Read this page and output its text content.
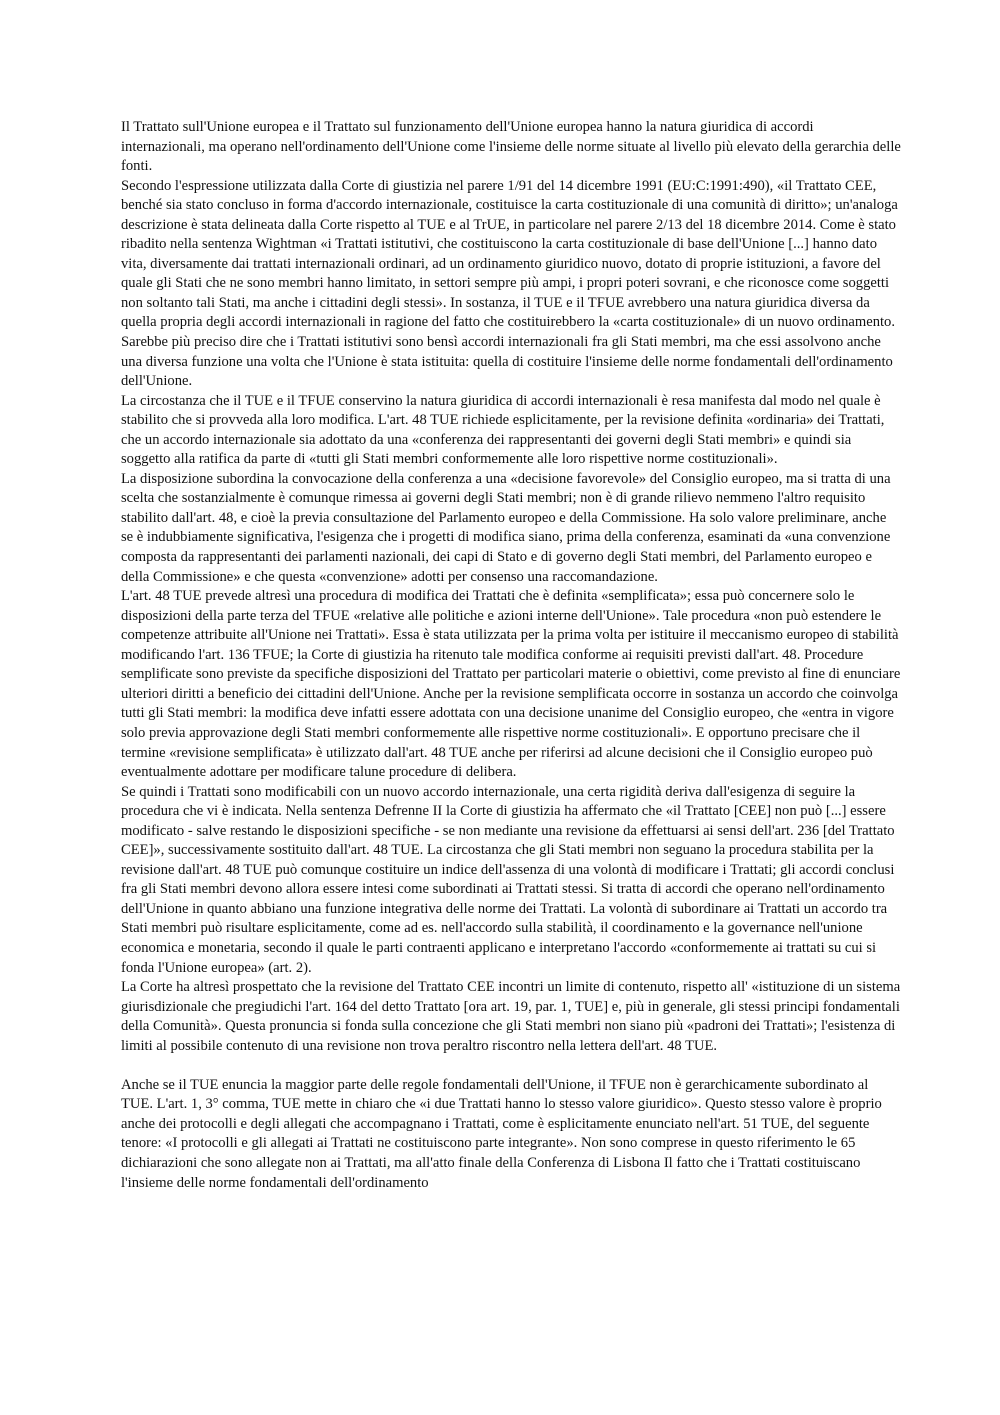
Il Trattato sull'Unione europea e il Trattato sul funzionamento dell'Unione europea hanno la natura giuridica di accordi internazionali, ma operano nell'ordinamento dell'Unione come l'insieme delle norme situate al livello più elevato della gerarchia delle fonti.

Secondo l'espressione utilizzata dalla Corte di giustizia nel parere 1/91 del 14 dicembre 1991 (EU:C:1991:490), «il Trattato CEE, benché sia stato concluso in forma d'accordo internazionale, costituisce la carta costituzionale di una comunità di diritto»; un'analoga descrizione è stata delineata dalla Corte rispetto al TUE e al TrUE, in particolare nel parere 2/13 del 18 dicembre 2014. Come è stato ribadito nella sentenza Wightman «i Trattati istitutivi, che costituiscono la carta costituzionale di base dell'Unione [...] hanno dato vita, diversamente dai trattati internazionali ordinari, ad un ordinamento giuridico nuovo, dotato di proprie istituzioni, a favore del quale gli Stati che ne sono membri hanno limitato, in settori sempre più ampi, i propri poteri sovrani, e che riconosce come soggetti non soltanto tali Stati, ma anche i cittadini degli stessi». In sostanza, il TUE e il TFUE avrebbero una natura giuridica diversa da quella propria degli accordi internazionali in ragione del fatto che costituirebbero la «carta costituzionale» di un nuovo ordinamento. Sarebbe più preciso dire che i Trattati istitutivi sono bensì accordi internazionali fra gli Stati membri, ma che essi assolvono anche una diversa funzione una volta che l'Unione è stata istituita: quella di costituire l'insieme delle norme fondamentali dell'ordinamento dell'Unione.

La circostanza che il TUE e il TFUE conservino la natura giuridica di accordi internazionali è resa manifesta dal modo nel quale è stabilito che si provveda alla loro modifica. L'art. 48 TUE richiede esplicitamente, per la revisione definita «ordinaria» dei Trattati, che un accordo internazionale sia adottato da una «conferenza dei rappresentanti dei governi degli Stati membri» e quindi sia soggetto alla ratifica da parte di «tutti gli Stati membri conformemente alle loro rispettive norme costituzionali».

La disposizione subordina la convocazione della conferenza a una «decisione favorevole» del Consiglio europeo, ma si tratta di una scelta che sostanzialmente è comunque rimessa ai governi degli Stati membri; non è di grande rilievo nemmeno l'altro requisito stabilito dall'art. 48, e cioè la previa consultazione del Parlamento europeo e della Commissione. Ha solo valore preliminare, anche se è indubbiamente significativa, l'esigenza che i progetti di modifica siano, prima della conferenza, esaminati da «una convenzione composta da rappresentanti dei parlamenti nazionali, dei capi di Stato e di governo degli Stati membri, del Parlamento europeo e della Commissione» e che questa «convenzione» adotti per consenso una raccomandazione.

L'art. 48 TUE prevede altresì una procedura di modifica dei Trattati che è definita «semplificata»; essa può concernere solo le disposizioni della parte terza del TFUE «relative alle politiche e azioni interne dell'Unione». Tale procedura «non può estendere le competenze attribuite all'Unione nei Trattati». Essa è stata utilizzata per la prima volta per istituire il meccanismo europeo di stabilità modificando l'art. 136 TFUE; la Corte di giustizia ha ritenuto tale modifica conforme ai requisiti previsti dall'art. 48. Procedure semplificate sono previste da specifiche disposizioni del Trattato per particolari materie o obiettivi, come previsto al fine di enunciare ulteriori diritti a beneficio dei cittadini dell'Unione. Anche per la revisione semplificata occorre in sostanza un accordo che coinvolga tutti gli Stati membri: la modifica deve infatti essere adottata con una decisione unanime del Consiglio europeo, che «entra in vigore solo previa approvazione degli Stati membri conformemente alle rispettive norme costituzionali». E opportuno precisare che il termine «revisione semplificata» è utilizzato dall'art. 48 TUE anche per riferirsi ad alcune decisioni che il Consiglio europeo può eventualmente adottare per modificare talune procedure di delibera.

Se quindi i Trattati sono modificabili con un nuovo accordo internazionale, una certa rigidità deriva dall'esigenza di seguire la procedura che vi è indicata. Nella sentenza Defrenne II la Corte di giustizia ha affermato che «il Trattato [CEE] non può [...] essere modificato - salve restando le disposizioni specifiche - se non mediante una revisione da effettuarsi ai sensi dell'art. 236 [del Trattato CEE]», successivamente sostituito dall'art. 48 TUE. La circostanza che gli Stati membri non seguano la procedura stabilita per la revisione dall'art. 48 TUE può comunque costituire un indice dell'assenza di una volontà di modificare i Trattati; gli accordi conclusi fra gli Stati membri devono allora essere intesi come subordinati ai Trattati stessi. Si tratta di accordi che operano nell'ordinamento dell'Unione in quanto abbiano una funzione integrativa delle norme dei Trattati. La volontà di subordinare ai Trattati un accordo tra Stati membri può risultare esplicitamente, come ad es. nell'accordo sulla stabilità, il coordinamento e la governance nell'unione economica e monetaria, secondo il quale le parti contraenti applicano e interpretano l'accordo «conformemente ai trattati su cui si fonda l'Unione europea» (art. 2).

La Corte ha altresì prospettato che la revisione del Trattato CEE incontri un limite di contenuto, rispetto all' «istituzione di un sistema giurisdizionale che pregiudichi l'art. 164 del detto Trattato [ora art. 19, par. 1, TUE] e, più in generale, gli stessi principi fondamentali della Comunità». Questa pronuncia si fonda sulla concezione che gli Stati membri non siano più «padroni dei Trattati»; l'esistenza di limiti al possibile contenuto di una revisione non trova peraltro riscontro nella lettera dell'art. 48 TUE.

Anche se il TUE enuncia la maggior parte delle regole fondamentali dell'Unione, il TFUE non è gerarchicamente subordinato al TUE. L'art. 1, 3° comma, TUE mette in chiaro che «i due Trattati hanno lo stesso valore giuridico». Questo stesso valore è proprio anche dei protocolli e degli allegati che accompagnano i Trattati, come è esplicitamente enunciato nell'art. 51 TUE, del seguente tenore: «I protocolli e gli allegati ai Trattati ne costituiscono parte integrante». Non sono comprese in questo riferimento le 65 dichiarazioni che sono allegate non ai Trattati, ma all'atto finale della Conferenza di Lisbona Il fatto che i Trattati costituiscano l'insieme delle norme fondamentali dell'ordinamento
